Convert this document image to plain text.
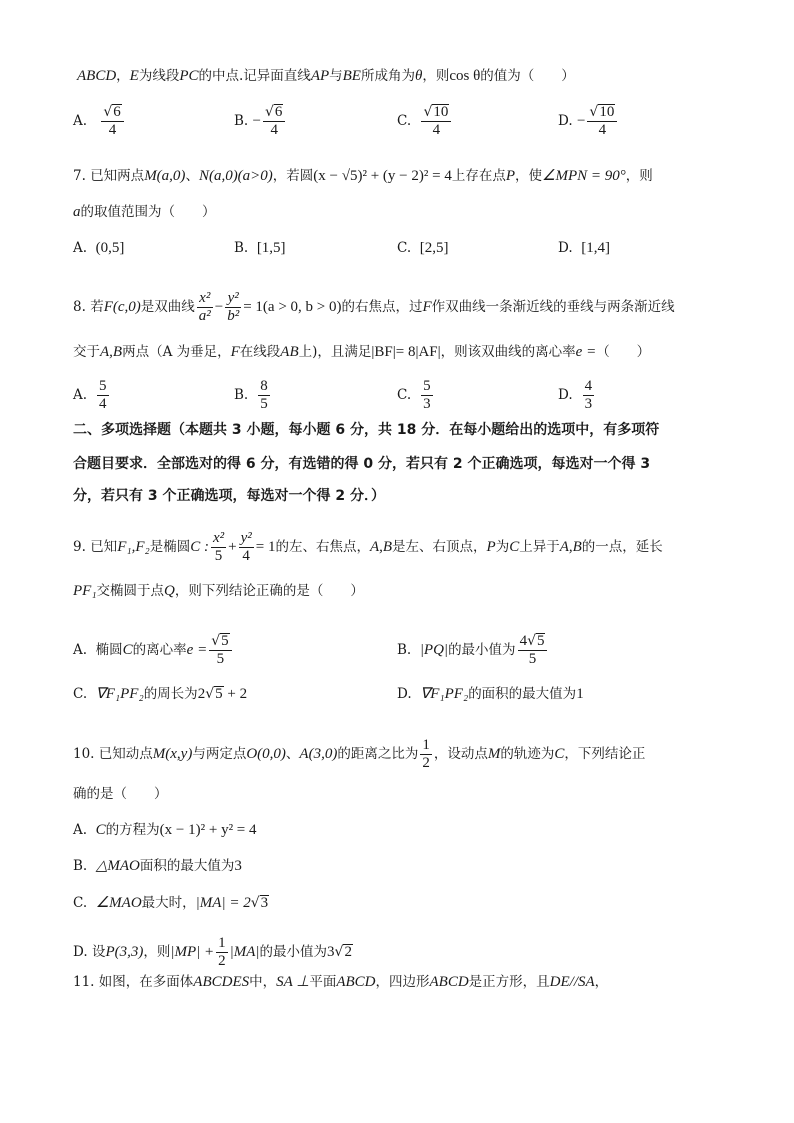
ABCD，E为线段PC的中点.记异面直线AP与BE所成角为θ，则cos θ的值为（　　）
A. $\frac{√6}{4}$	B. − $\frac{√6}{4}$	C. $\frac{√10}{4}$	D. − $\frac{√10}{4}$
7. 已知两点M(a,0)、N(a,0)(a>0)，若圆(x − √5)² + (y − 2)² = 4上存在点P，使∠MPN = 90°，则
a的取值范围为（　　）
A. (0,5]	B. [1,5]	C. [2,5]	D. [1,4]
8. 若F(c,0)是双曲线 $\frac{\text{x²}}{\text{a²}} - \frac{\text{y²}}{\text{b²}} = 1(a > 0$, b > 0)的右焦点，过F作双曲线一条渐近线的垂线与两条渐近线
交于A,B两点（A 为垂足，F在线段AB上)，且满足|BF|= 8|AF|，则该双曲线的离心率e =（　　）
A. $\frac{5}{4}$	B. $\frac{8}{5}$	C. $\frac{5}{3}$	D. $\frac{4}{3}$
二、多项选择题（本题共 3 小题，每小题 6 分，共 18 分．在每小题给出的选项中，有多项符
合题目要求．全部选对的得 6 分，有选错的得 0 分，若只有 2 个正确选项，每选对一个得 3
分，若只有 3 个正确选项，每选对一个得 2 分．）
9. 已知F₁,F₂是椭圆C : $\frac{\text{x²}}{5} + \frac{\text{y²}}{4} = 1$的左、右焦点，A,B是左、右顶点，P为C上异于A,B的一点，延长
PF₁交椭圆于点Q，则下列结论正确的是（　　）
A. 椭圆C的离心率$e = \frac{√5}{5}$	B. |PQ|的最小值为 $\frac{4√5}{5}$
C. ∇F₁PF₂的周长为2√5 + 2	D. ∇F₁PF₂的面积的最大值为1
10. 已知动点M(x,y)与两定点O(0,0)、A(3,0)的距离之比为 $\frac{1}{2}$ ，设动点M的轨迹为C，下列结论正
确的是（　　）
A. C的方程为(x − 1)² + y² = 4
B. △MAO面积的最大值为3
C. ∠MAO最大时，|MA| = 2√3
D. 设P(3,3)，则$|MP| + \frac{1}{2} |MA|$的最小值为3√2
11. 如图，在多面体ABCDES中，SA ⊥平面ABCD，四边形ABCD是正方形，且DE//SA，
